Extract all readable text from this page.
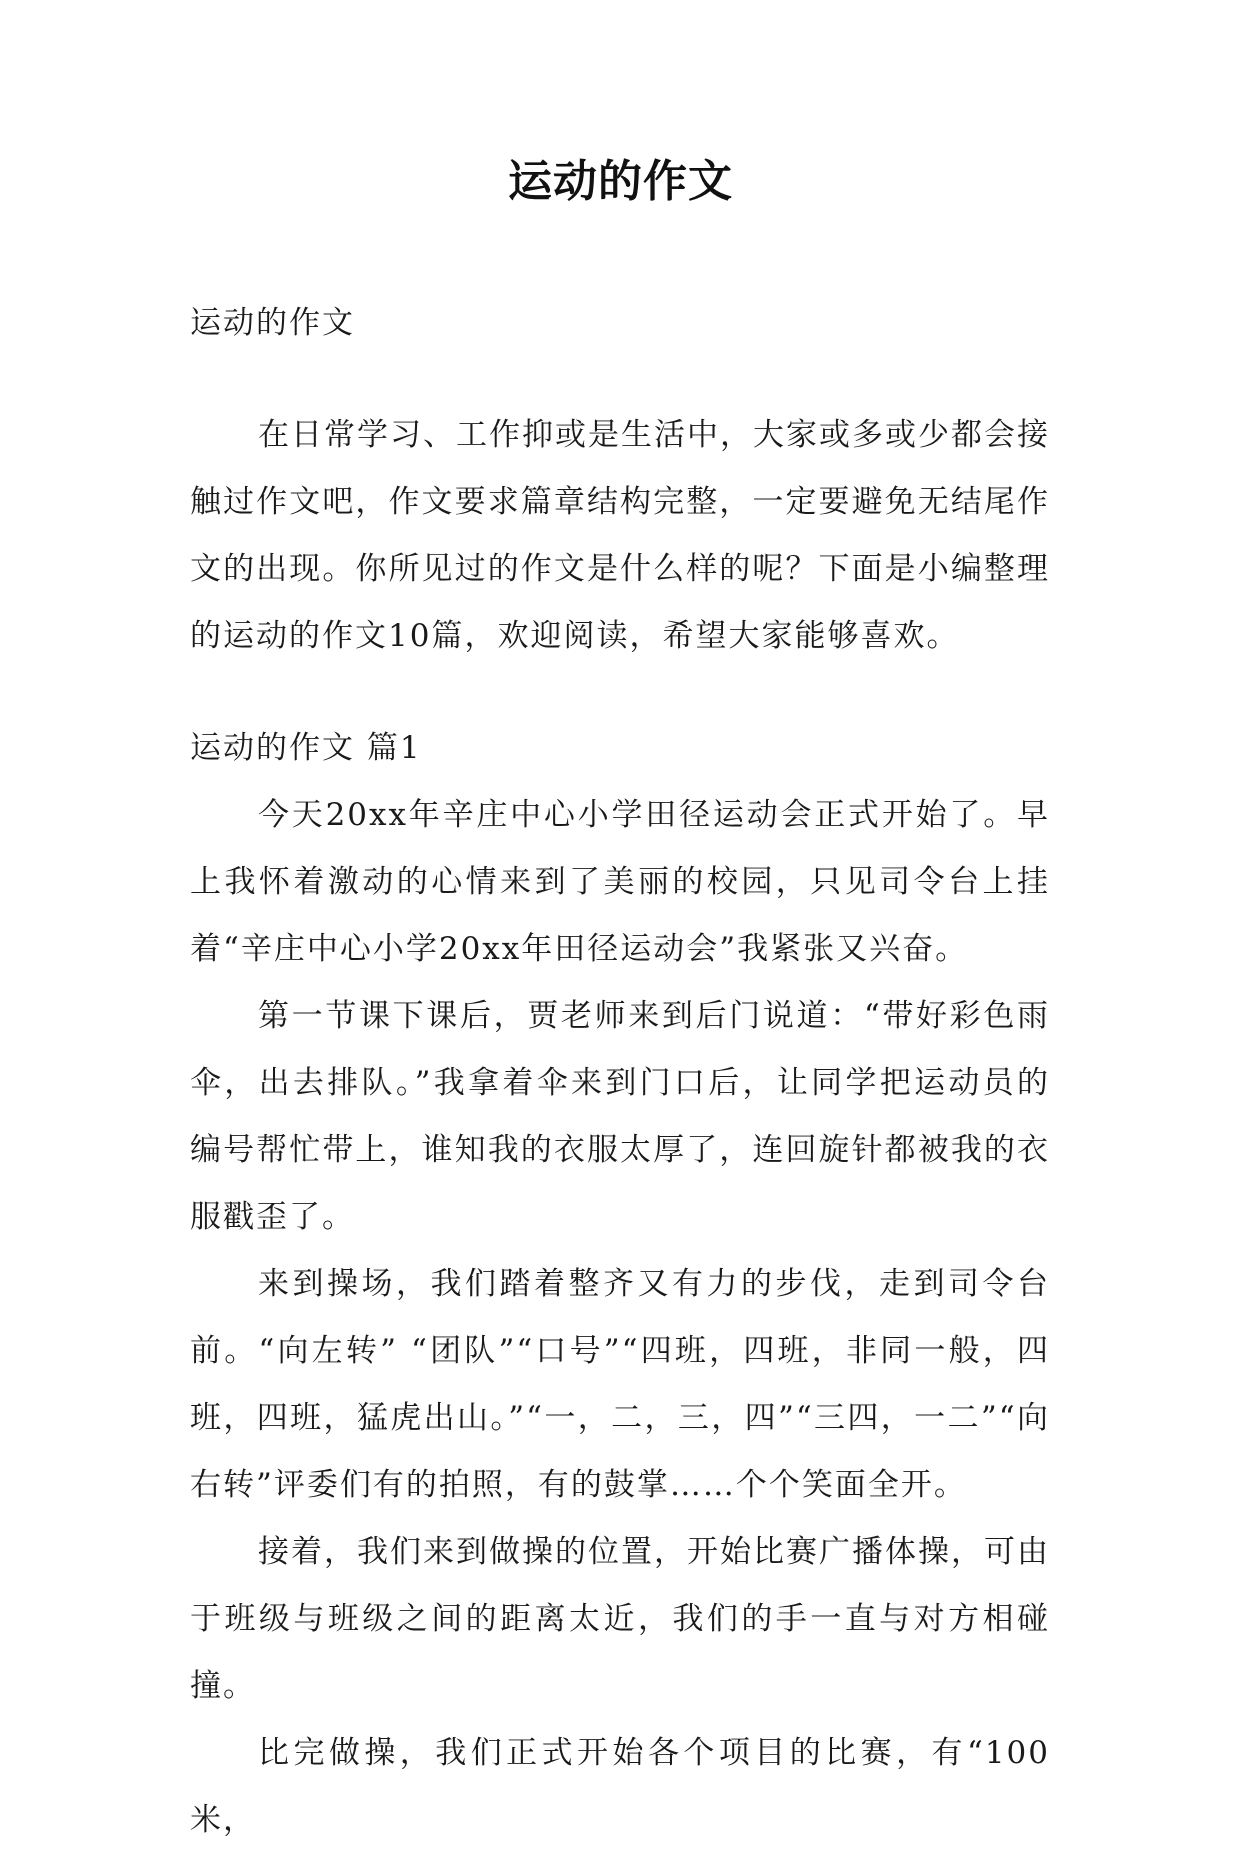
运动的作文
运动的作文

在日常学习、工作抑或是生活中，大家或多或少都会接触过作文吧，作文要求篇章结构完整，一定要避免无结尾作文的出现。你所见过的作文是什么样的呢？下面是小编整理的运动的作文10篇，欢迎阅读，希望大家能够喜欢。

运动的作文 篇1

今天20xx年辛庄中心小学田径运动会正式开始了。早上我怀着激动的心情来到了美丽的校园，只见司令台上挂着“辛庄中心小学20xx年田径运动会”我紧张又兴奋。

第一节课下课后，贾老师来到后门说道：“带好彩色雨伞，出去排队。”我拿着伞来到门口后，让同学把运动员的编号帮忙带上，谁知我的衣服太厚了，连回旋针都被我的衣服戳歪了。

来到操场，我们踏着整齐又有力的步伐，走到司令台前。“向左转” “团队”“口号”“四班，四班，非同一般，四班，四班，猛虎出山。”“一，二，三，四”“三四，一二”“向右转”评委们有的拍照，有的鼓掌……个个笑面全开。

接着，我们来到做操的位置，开始比赛广播体操，可由于班级与班级之间的距离太近，我们的手一直与对方相碰撞。

比完做操，我们正式开始各个项目的比赛，有“100米，
